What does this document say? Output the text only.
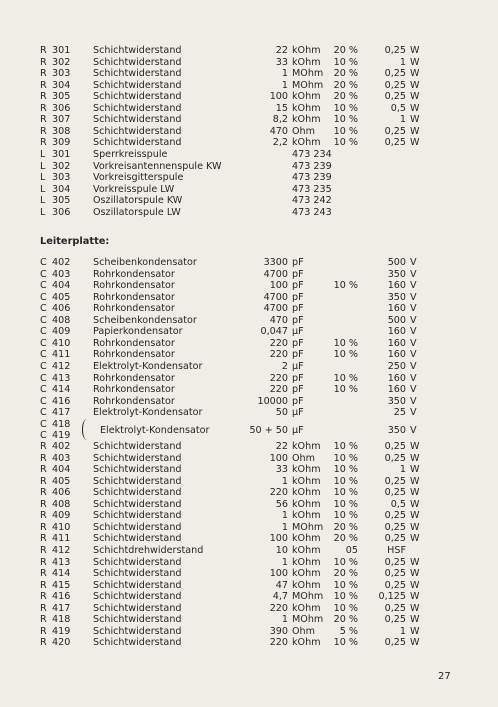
R 301 Schichtwiderstand	22 kOhm 20 %	0,25 W
R 302 Schichtwiderstand	33 kOhm 10 %	1 W
R 303 Schichtwiderstand	1 MOhm 20 %	0,25 W
R 304 Schichtwiderstand	1 MOhm 20 %	0,25 W
R 305 Schichtwiderstand	100 kOhm 20 %	0,25 W
R 306 Schichtwiderstand	15 kOhm 10 %	0,5 W
R 307 Schichtwiderstand	8,2 kOhm 10 %	1 W
R 308 Schichtwiderstand	470 Ohm 10 %	0,25 W
R 309 Schichtwiderstand	2,2 kOhm 10 %	0,25 W
L 301 Sperrkreisspule	473 234
L 302 Vorkreisantennenspule KW	473 239
L 303 Vorkreisgitterspule	473 239
L 304 Vorkreisspule LW	473 235
L 305 Oszillatorspule KW	473 242
L 306 Oszillatorspule LW	473 243
Leiterplatte:
C 402 Scheibenkondensator	3300 pF	500 V
C 403 Rohrkondensator	4700 pF	350 V
C 404 Rohrkondensator	100 pF	10 %	160 V
C 405 Rohrkondensator	4700 pF	350 V
C 406 Rohrkondensator	4700 pF	160 V
C 408 Scheibenkondensator	470 pF	500 V
C 409 Papierkondensator	0,047 µF	160 V
C 410 Rohrkondensator	220 pF	10 %	160 V
C 411 Rohrkondensator	220 pF	10 %	160 V
C 412 Elektrolyt-Kondensator	2 µF	250 V
C 413 Rohrkondensator	220 pF	10 %	160 V
C 414 Rohrkondensator	220 pF	10 %	160 V
C 416 Rohrkondensator	10000 pF	350 V
C 417 Elektrolyt-Kondensator	50 µF	25 V
C 418
C 419	Elektrolyt-Kondensator	50 + 50 µF	350 V
R 402 Schichtwiderstand	22 kOhm 10 %	0,25 W
R 403 Schichtwiderstand	100 Ohm 10 %	0,25 W
R 404 Schichtwiderstand	33 kOhm 10 %	1 W
R 405 Schichtwiderstand	1 kOhm 10 %	0,25 W
R 406 Schichtwiderstand	220 kOhm 10 %	0,25 W
R 408 Schichtwiderstand	56 kOhm 10 %	0,5 W
R 409 Schichtwiderstand	1 kOhm 10 %	0,25 W
R 410 Schichtwiderstand	1 MOhm 20 %	0,25 W
R 411 Schichtwiderstand	100 kOhm 20 %	0,25 W
R 412 Schichtdrehwiderstand	10 kOhm	05	HSF
R 413 Schichtwiderstand	1 kOhm 10 %	0,25 W
R 414 Schichtwiderstand	100 kOhm 20 %	0,25 W
R 415 Schichtwiderstand	47 kOhm 10 %	0,25 W
R 416 Schichtwiderstand	4,7 MOhm 10 % 0,125 W
R 417 Schichtwiderstand	220 kOhm 10 %	0,25 W
R 418 Schichtwiderstand	1 MOhm 20 %	0,25 W
R 419 Schichtwiderstand	390 Ohm	5 %	1 W
R 420 Schichtwiderstand	220 kOhm 10 %	0,25 W
27
